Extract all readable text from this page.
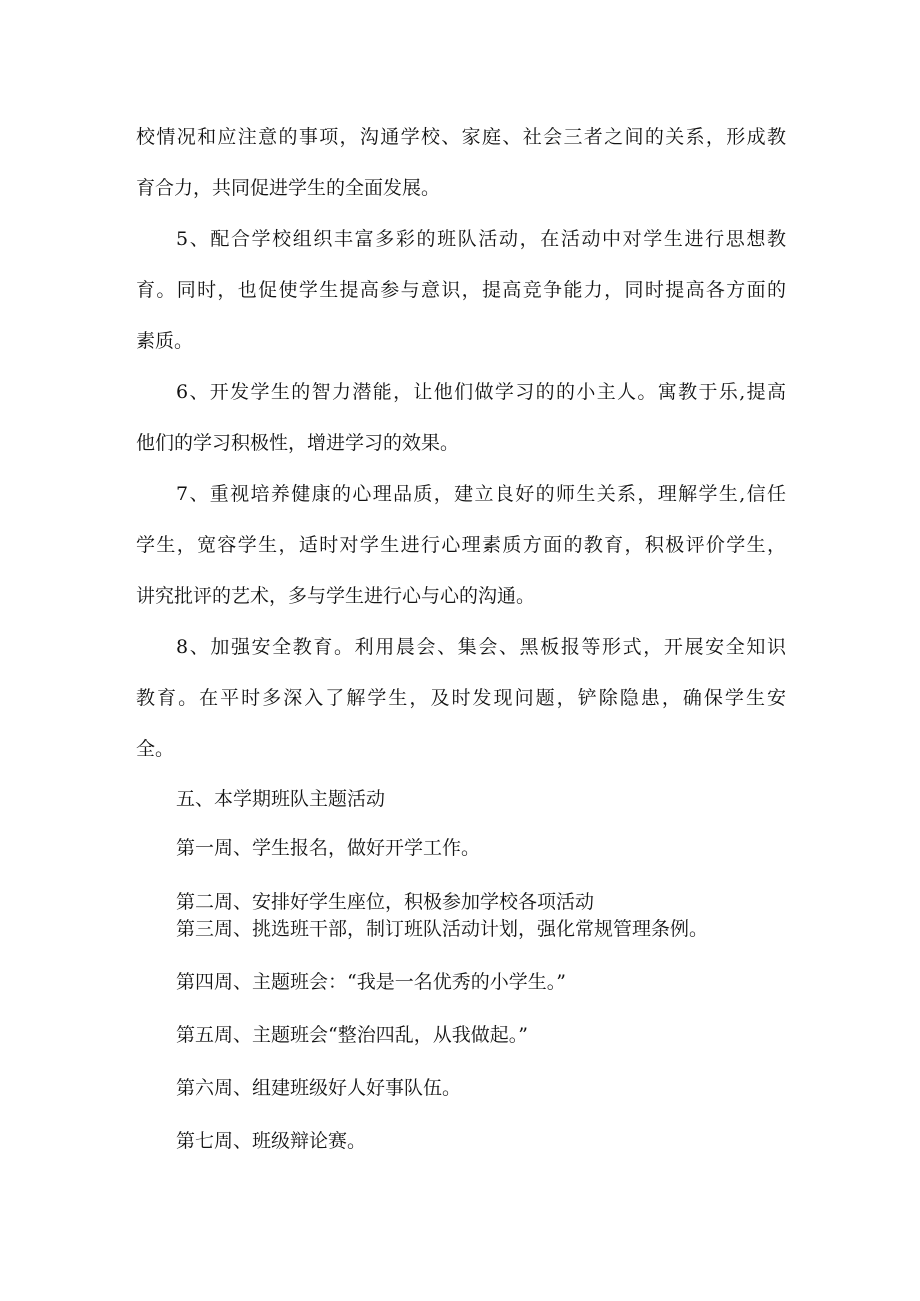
校情况和应注意的事项，沟通学校、家庭、社会三者之间的关系，形成教
育合力，共同促进学生的全面发展。
5、配合学校组织丰富多彩的班队活动，在活动中对学生进行思想教
育。同时，也促使学生提高参与意识，提高竞争能力，同时提高各方面的
素质。
6、开发学生的智力潜能，让他们做学习的的小主人。寓教于乐,提高
他们的学习积极性，增进学习的效果。
7、重视培养健康的心理品质，建立良好的师生关系，理解学生,信任
学生，宽容学生，适时对学生进行心理素质方面的教育，积极评价学生，
讲究批评的艺术，多与学生进行心与心的沟通。
8、加强安全教育。利用晨会、集会、黑板报等形式，开展安全知识
教育。在平时多深入了解学生，及时发现问题，铲除隐患，确保学生安
全。
五、本学期班队主题活动
第一周、学生报名，做好开学工作。
第二周、安排好学生座位，积极参加学校各项活动
第三周、挑选班干部，制订班队活动计划，强化常规管理条例。
第四周、主题班会：“我是一名优秀的小学生。”
第五周、主题班会“整治四乱，从我做起。”
第六周、组建班级好人好事队伍。
第七周、班级辩论赛。
